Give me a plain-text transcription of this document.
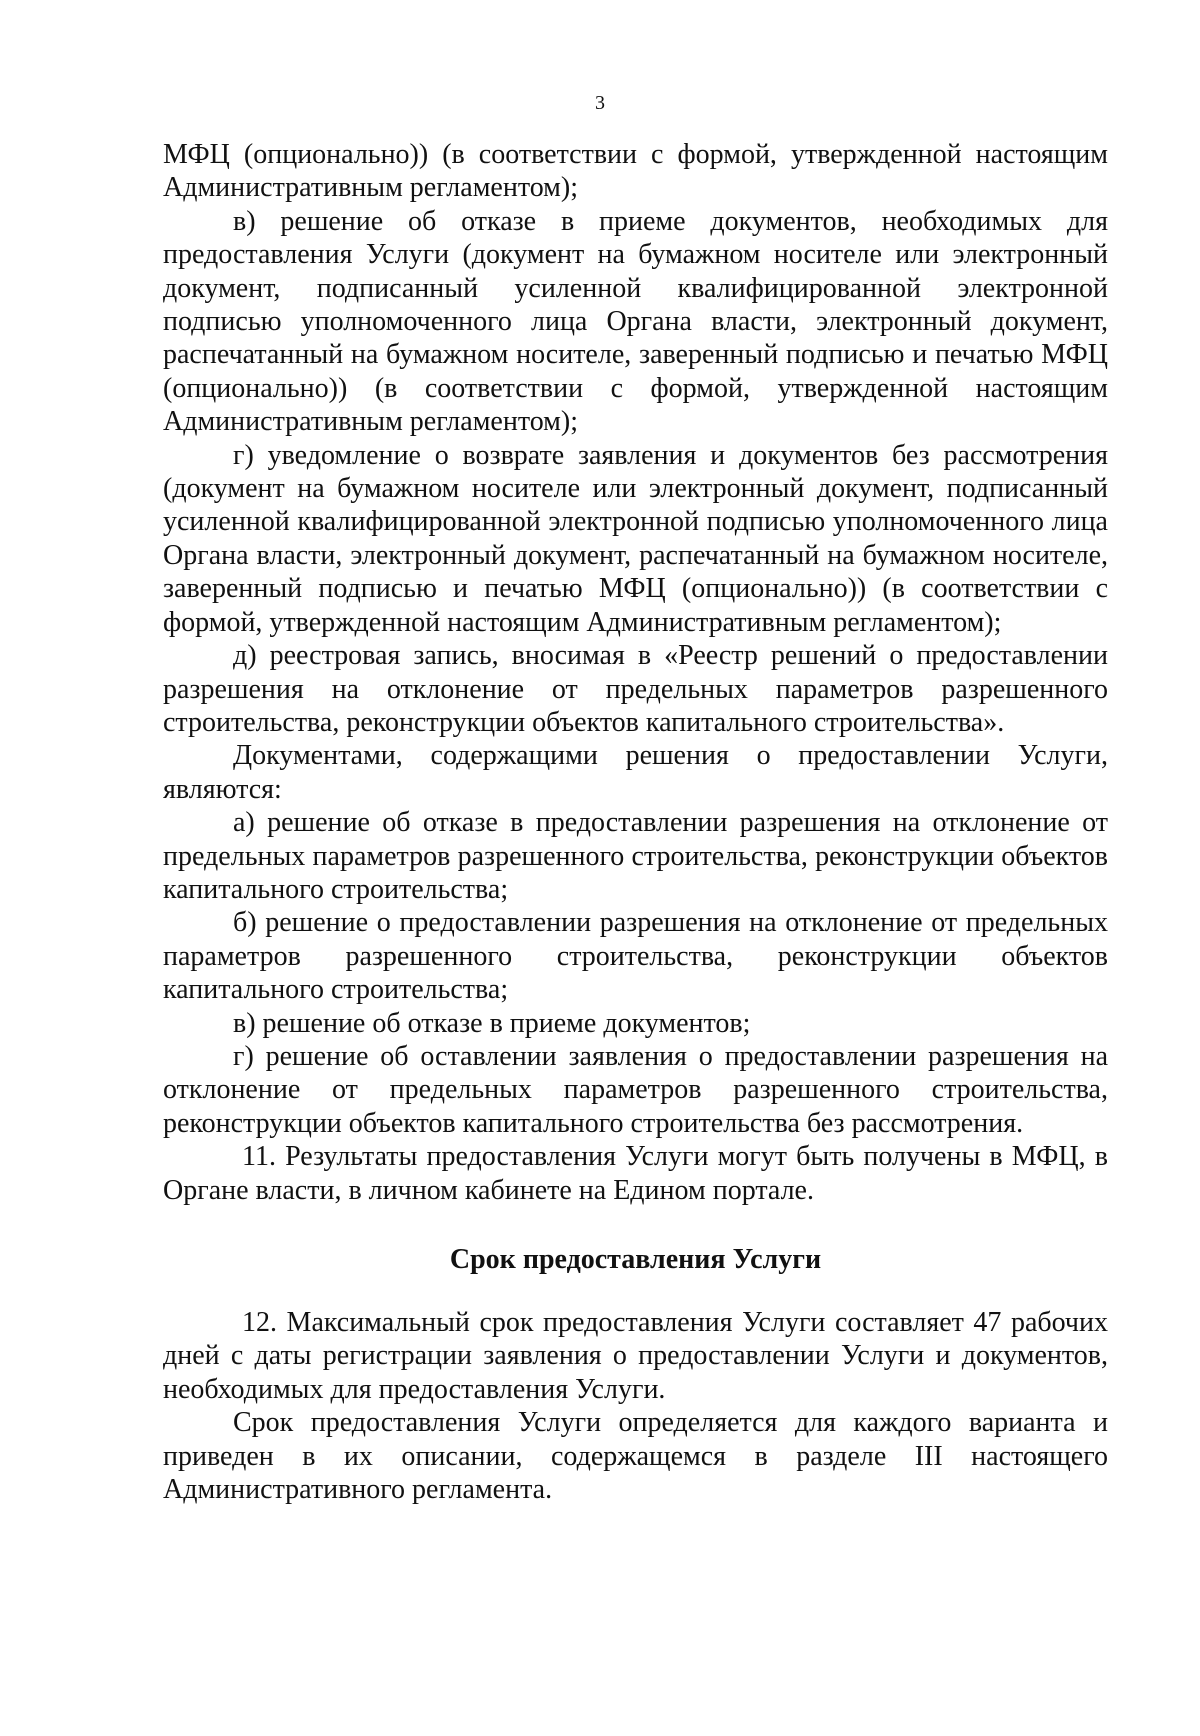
3

МФЦ (опционально)) (в соответствии с формой, утвержденной настоящим Административным регламентом);

в) решение об отказе в приеме документов, необходимых для предоставления Услуги (документ на бумажном носителе или электронный документ, подписанный усиленной квалифицированной электронной подписью уполномоченного лица Органа власти, электронный документ, распечатанный на бумажном носителе, заверенный подписью и печатью МФЦ (опционально)) (в соответствии с формой, утвержденной настоящим Административным регламентом);

г) уведомление о возврате заявления и документов без рассмотрения (документ на бумажном носителе или электронный документ, подписанный усиленной квалифицированной электронной подписью уполномоченного лица Органа власти, электронный документ, распечатанный на бумажном носителе, заверенный подписью и печатью МФЦ (опционально)) (в соответствии с формой, утвержденной настоящим Административным регламентом);

д) реестровая запись, вносимая в «Реестр решений о предоставлении разрешения на отклонение от предельных параметров разрешенного строительства, реконструкции объектов капитального строительства».

Документами, содержащими решения о предоставлении Услуги, являются:

а) решение об отказе в предоставлении разрешения на отклонение от предельных параметров разрешенного строительства, реконструкции объектов капитального строительства;

б) решение о предоставлении разрешения на отклонение от предельных параметров разрешенного строительства, реконструкции объектов капитального строительства;

в) решение об отказе в приеме документов;

г) решение об оставлении заявления о предоставлении разрешения на отклонение от предельных параметров разрешенного строительства, реконструкции объектов капитального строительства без рассмотрения.

11. Результаты предоставления Услуги могут быть получены в МФЦ, в Органе власти, в личном кабинете на Едином портале.

Срок предоставления Услуги

12. Максимальный срок предоставления Услуги составляет 47 рабочих дней с даты регистрации заявления о предоставлении Услуги и документов, необходимых для предоставления Услуги.

Срок предоставления Услуги определяется для каждого варианта и приведен в их описании, содержащемся в разделе III настоящего Административного регламента.
